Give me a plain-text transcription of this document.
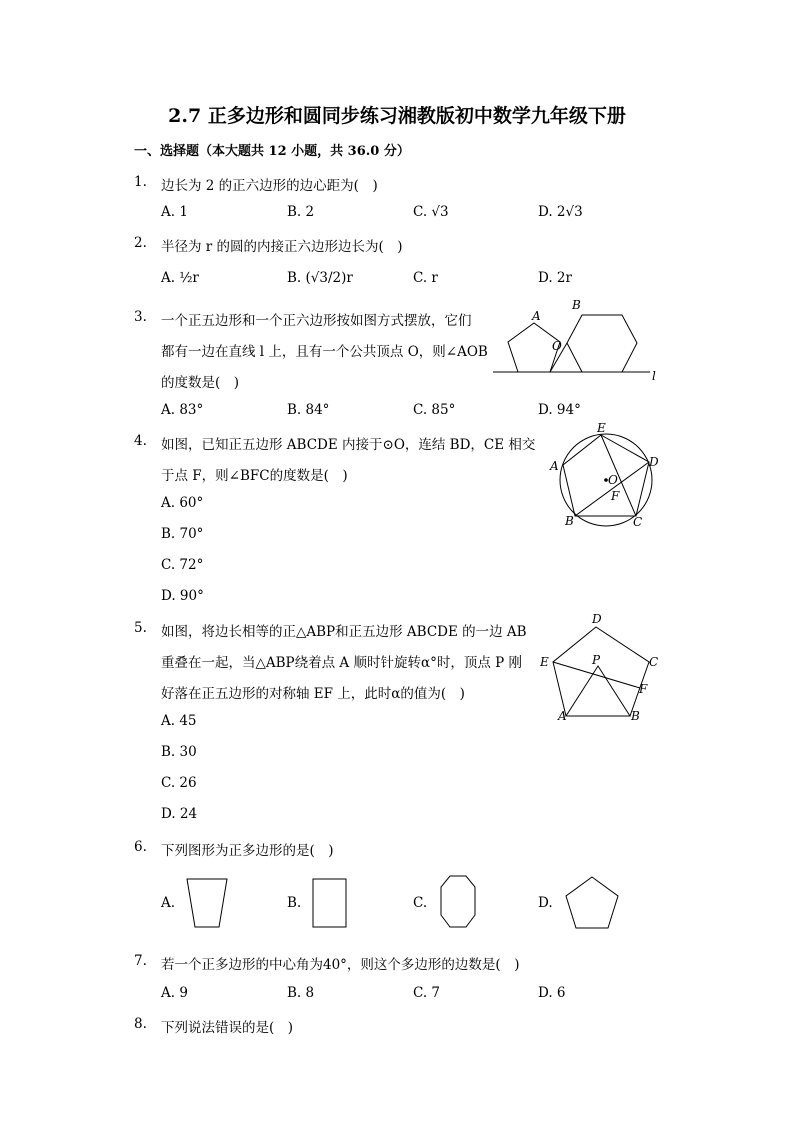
2.7 正多边形和圆同步练习湘教版初中数学九年级下册
一、选择题（本大题共 12 小题，共 36.0 分）
1. 边长为 2 的正六边形的边心距为(　)
A. 1	B. 2	C. √3	D. 2√3
2. 半径为 r 的圆的内接正六边形边长为(　)
A. ½r	B. (√3/2)r	C. r	D. 2r
3. 一个正五边形和一个正六边形按如图方式摆放，它们
都有一边在直线 l 上，且有一个公共顶点 O，则∠AOB
的度数是(　)
A. 83°	B. 84°	C. 85°	D. 94°
A
B
O
l
4. 如图，已知正五边形 ABCDE 内接于⊙O，连结 BD，CE 相交
于点 F，则∠BFC的度数是(　)
A. 60°
B. 70°
C. 72°
D. 90°
E
A	D
O
F
B	C
5. 如图，将边长相等的正△ABP和正五边形 ABCDE 的一边 AB
重叠在一起，当△ABP绕着点 A 顺时针旋转α°时，顶点 P 刚
好落在正五边形的对称轴 EF 上，此时α的值为(　)
A. 45
B. 30
C. 26
D. 24
D
E	P	C
F
A	B
6. 下列图形为正多边形的是(　)
A.	B.	C.	D.
7. 若一个正多边形的中心角为40°，则这个多边形的边数是(　)
A. 9	B. 8	C. 7	D. 6
8. 下列说法错误的是(　)
